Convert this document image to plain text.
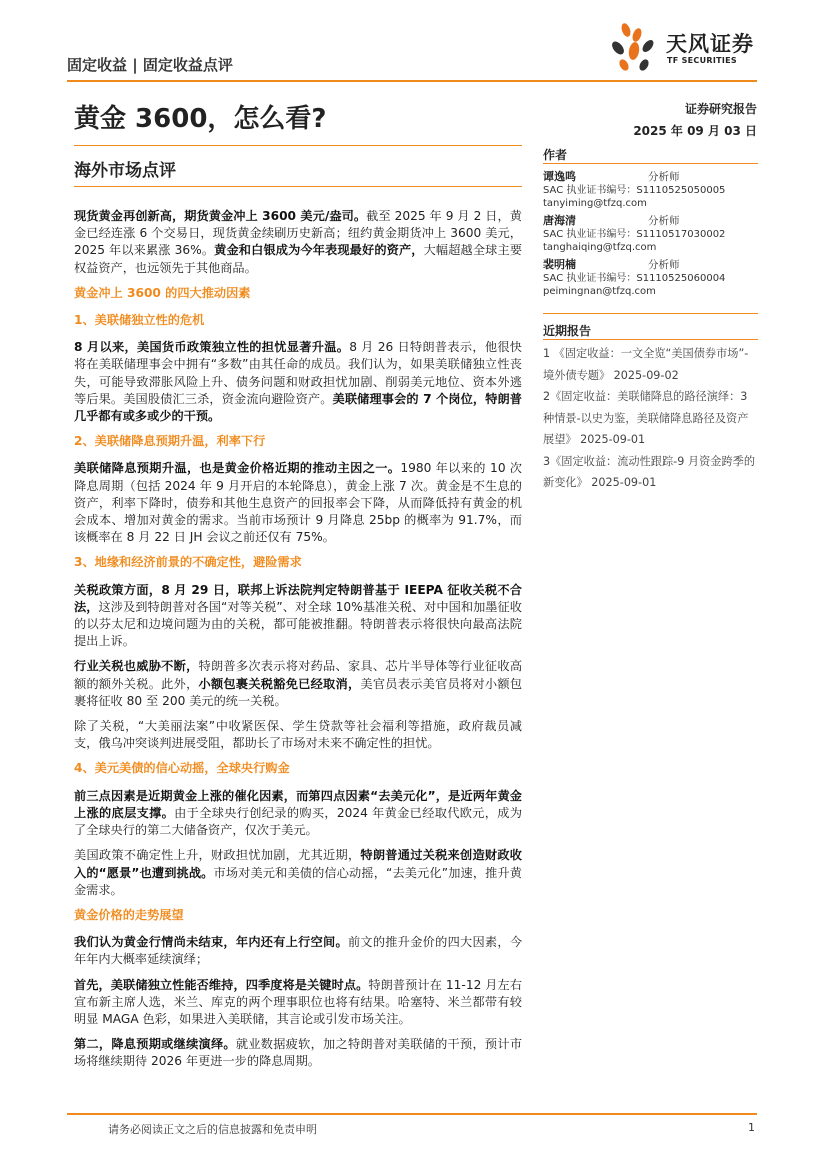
固定收益 | 固定收益点评
天风证券
TF SECURITIES
黄金 3600，怎么看?	证券研究报告
2025 年 09 月 03 日
海外市场点评

现货黄金再创新高，期货黄金冲上 3600 美元/盎司。截至 2025 年 9 月 2 日，黄金已经连涨 6 个交易日，现货黄金续刷历史新高；纽约黄金期货冲上 3600 美元，2025 年以来累涨 36%。黄金和白银成为今年表现最好的资产，大幅超越全球主要权益资产，也远领先于其他商品。

黄金冲上 3600 的四大推动因素
1、美联储独立性的危机

8 月以来，美国货币政策独立性的担忧显著升温。8 月 26 日特朗普表示，他很快将在美联储理事会中拥有“多数”由其任命的成员。我们认为，如果美联储独立性丧失，可能导致滞胀风险上升、债务问题和财政担忧加剧、削弱美元地位、资本外逃等后果。美国股债汇三杀，资金流向避险资产。美联储理事会的 7 个岗位，特朗普几乎都有或多或少的干预。

2、美联储降息预期升温，利率下行

美联储降息预期升温，也是黄金价格近期的推动主因之一。1980 年以来的 10 次降息周期（包括 2024 年 9 月开启的本轮降息），黄金上涨 7 次。黄金是不生息的资产，利率下降时，债券和其他生息资产的回报率会下降，从而降低持有黄金的机会成本、增加对黄金的需求。当前市场预计 9 月降息 25bp 的概率为 91.7%，而该概率在 8 月 22 日 JH 会议之前还仅有 75%。

3、地缘和经济前景的不确定性，避险需求

关税政策方面，8 月 29 日，联邦上诉法院判定特朗普基于 IEEPA 征收关税不合法，这涉及到特朗普对各国“对等关税”、对全球 10%基准关税、对中国和加墨征收的以芬太尼和边境问题为由的关税，都可能被推翻。特朗普表示将很快向最高法院提出上诉。

行业关税也威胁不断，特朗普多次表示将对药品、家具、芯片半导体等行业征收高额的额外关税。此外，小额包裹关税豁免已经取消，美官员表示美官员将对小额包裹将征收 80 至 200 美元的统一关税。

除了关税，“大美丽法案”中收紧医保、学生贷款等社会福利等措施，政府裁员减支，俄乌冲突谈判进展受阻，都助长了市场对未来不确定性的担忧。

4、美元美债的信心动摇，全球央行购金

前三点因素是近期黄金上涨的催化因素，而第四点因素“去美元化”，是近两年黄金上涨的底层支撑。由于全球央行创纪录的购买，2024 年黄金已经取代欧元，成为了全球央行的第二大储备资产，仅次于美元。

美国政策不确定性上升，财政担忧加剧，尤其近期，特朗普通过关税来创造财政收入的“愿景”也遭到挑战。市场对美元和美债的信心动摇，“去美元化”加速，推升黄金需求。

黄金价格的走势展望

我们认为黄金行情尚未结束，年内还有上行空间。前文的推升金价的四大因素，今年年内大概率延续演绎；

首先，美联储独立性能否维持，四季度将是关键时点。特朗普预计在 11-12 月左右宣布新主席人选，米兰、库克的两个理事职位也将有结果。哈塞特、米兰都带有较明显 MAGA 色彩，如果进入美联储，其言论或引发市场关注。

第二，降息预期或继续演绎。就业数据疲软，加之特朗普对美联储的干预，预计市场将继续期待 2026 年更进一步的降息周期。

作者
谭逸鸣	分析师
SAC 执业证书编号：S1110525050005
tanyiming@tfzq.com
唐海清	分析师
SAC 执业证书编号：S1110517030002
tanghaiqing@tfzq.com
裴明楠	分析师
SAC 执业证书编号：S1110525060004
peimingnan@tfzq.com
近期报告

1 《固定收益：一文全览“美国债券市场”-境外债专题》 2025-09-02

2《固定收益：美联储降息的路径演绎：3 种情景-以史为鉴，美联储降息路径及资产展望》 2025-09-01

3《固定收益：流动性跟踪-9 月资金跨季的新变化》 2025-09-01

请务必阅读正文之后的信息披露和免责申明	1
